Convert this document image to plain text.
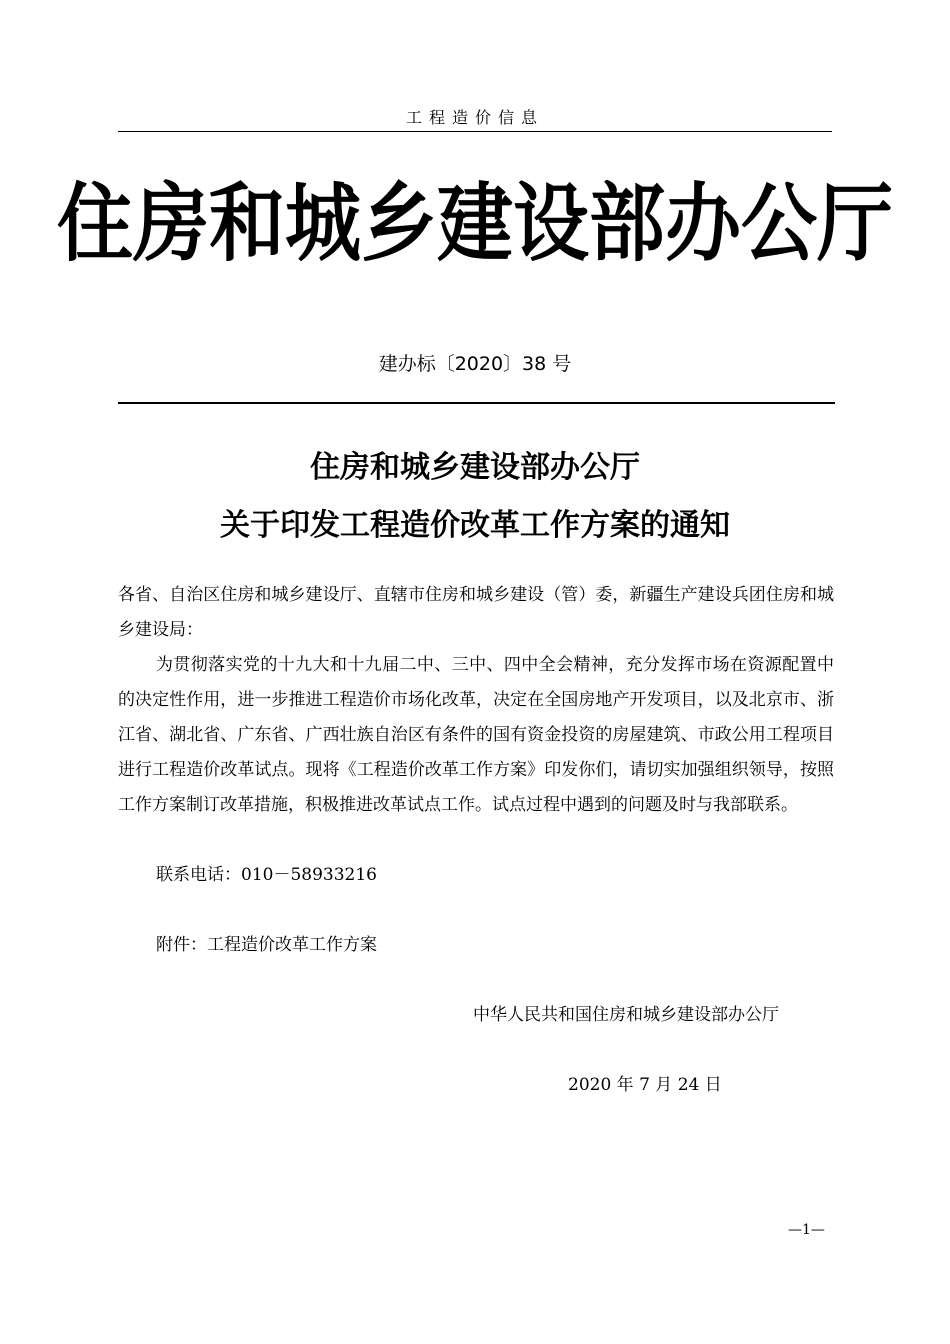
工程造价信息
住房和城乡建设部办公厅
建办标〔2020〕38 号
住房和城乡建设部办公厅
关于印发工程造价改革工作方案的通知
各省、自治区住房和城乡建设厅、直辖市住房和城乡建设（管）委，新疆生产建设兵团住房和城乡建设局：
为贯彻落实党的十九大和十九届二中、三中、四中全会精神，充分发挥市场在资源配置中的决定性作用，进一步推进工程造价市场化改革，决定在全国房地产开发项目，以及北京市、浙江省、湖北省、广东省、广西壮族自治区有条件的国有资金投资的房屋建筑、市政公用工程项目进行工程造价改革试点。现将《工程造价改革工作方案》印发你们，请切实加强组织领导，按照工作方案制订改革措施，积极推进改革试点工作。试点过程中遇到的问题及时与我部联系。
联系电话：010－58933216
附件：工程造价改革工作方案
中华人民共和国住房和城乡建设部办公厅
2020 年 7 月 24 日
—1—
